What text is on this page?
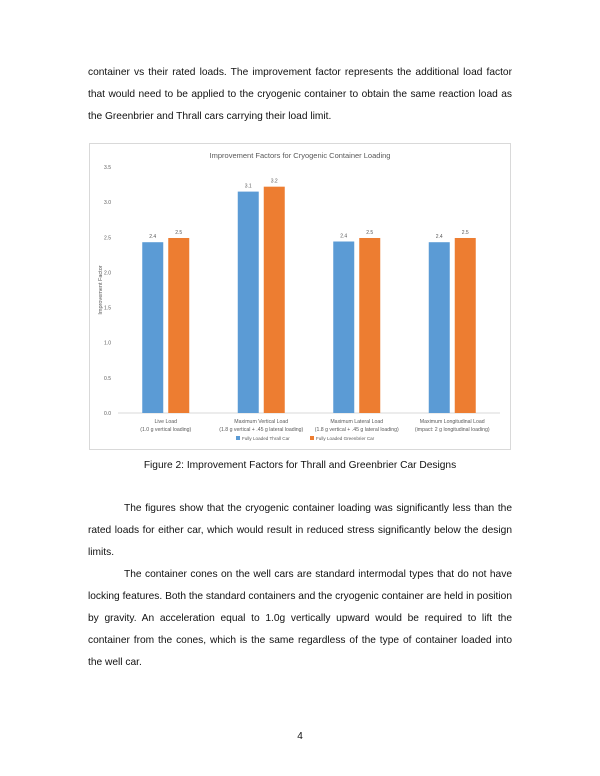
container vs their rated loads. The improvement factor represents the additional load factor that would need to be applied to the cryogenic container to obtain the same reaction load as the Greenbrier and Thrall cars carrying their load limit.

Improvement Factors for Cryogenic Container Loading
Improvement Factor
0.0
0.5
1.0
1.5
2.0
2.5
3.0
3.5
2.4
2.5
Live Load
(1.0 g vertical loading)
3.1
3.2
Maximum Vertical Load
(1.8 g vertical + .45 g lateral loading)
2.4
2.5
Maximum Lateral Load
(1.8 g vertical + .45 g lateral loading)
2.4
2.5
Maximum Longitudinal Load
(impact: 2 g longitudinal loading)
Fully Loaded Thrall Car	Fully Loaded Greenbrier Car
Figure 2: Improvement Factors for Thrall and Greenbrier Car Designs

The figures show that the cryogenic container loading was significantly less than the rated loads for either car, which would result in reduced stress significantly below the design limits.

The container cones on the well cars are standard intermodal types that do not have locking features. Both the standard containers and the cryogenic container are held in position by gravity. An acceleration equal to 1.0g vertically upward would be required to lift the container from the cones, which is the same regardless of the type of container loaded into the well car.

4
